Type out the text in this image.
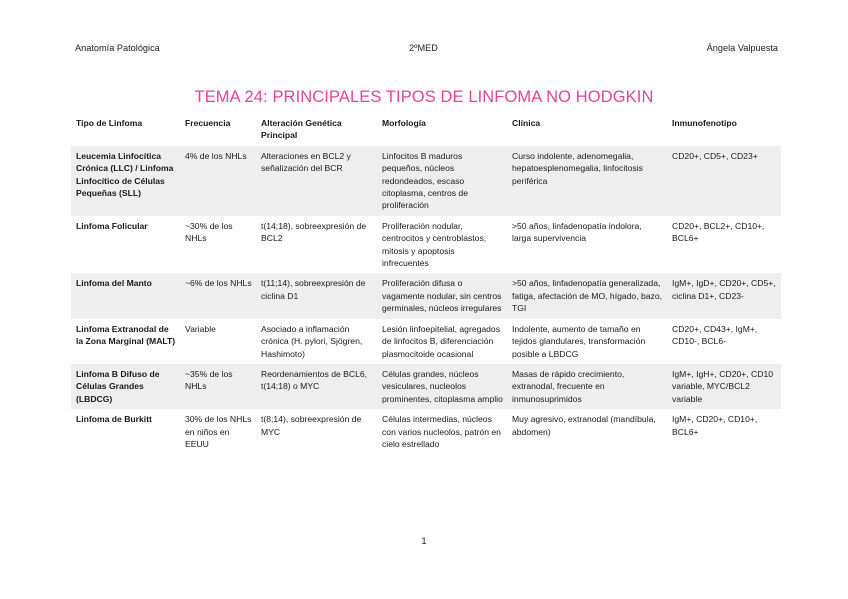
Anatomía Patológica	2ºMED	Ángela Valpuesta
TEMA 24: PRINCIPALES TIPOS DE LINFOMA NO HODGKIN
Tipo de Linfoma	Frecuencia	Alteración Genética Principal	Morfología	Clínica	Inmunofenotipo
Leucemia Linfocítica Crónica (LLC) / Linfoma Linfocítico de Células Pequeñas (SLL)	4% de los NHLs	Alteraciones en BCL2 y señalización del BCR	Linfocitos B maduros pequeños, núcleos redondeados, escaso citoplasma, centros de proliferación	Curso indolente, adenomegalia, hepatoesplenomegalia, linfocitosis periférica	CD20+, CD5+, CD23+
Linfoma Folicular	~30% de los NHLs	t(14;18), sobreexpresión de BCL2	Proliferación nodular, centrocitos y centroblastos, mitosis y apoptosis infrecuentes	>50 años, linfadenopatía indolora, larga supervivencia	CD20+, BCL2+, CD10+, BCL6+
Linfoma del Manto	~6% de los NHLs	t(11;14), sobreexpresión de ciclina D1	Proliferación difusa o vagamente nodular, sin centros germinales, núcleos irregulares	>50 años, linfadenopatía generalizada, fatiga, afectación de MO, hígado, bazo, TGI	IgM+, IgD+, CD20+, CD5+, ciclina D1+, CD23-
Linfoma Extranodal de la Zona Marginal (MALT)	Variable	Asociado a inflamación crónica (H. pylori, Sjögren, Hashimoto)	Lesión linfoepitelial, agregados de linfocitos B, diferenciación plasmocitoide ocasional	Indolente, aumento de tamaño en tejidos glandulares, transformación posible a LBDCG	CD20+, CD43+, IgM+, CD10-, BCL6-
Linfoma B Difuso de Células Grandes (LBDCG)	~35% de los NHLs	Reordenamientos de BCL6, t(14;18) o MYC	Células grandes, núcleos vesiculares, nucleolos prominentes, citoplasma amplio	Masas de rápido crecimiento, extranodal, frecuente en inmunosuprimidos	IgM+, IgH+, CD20+, CD10 variable, MYC/BCL2 variable
Linfoma de Burkitt	30% de los NHLs en niños en EEUU	t(8;14), sobreexpresión de MYC	Células intermedias, núcleos con varios nucleolos, patrón en cielo estrellado	Muy agresivo, extranodal (mandíbula, abdomen)	IgM+, CD20+, CD10+, BCL6+
1
